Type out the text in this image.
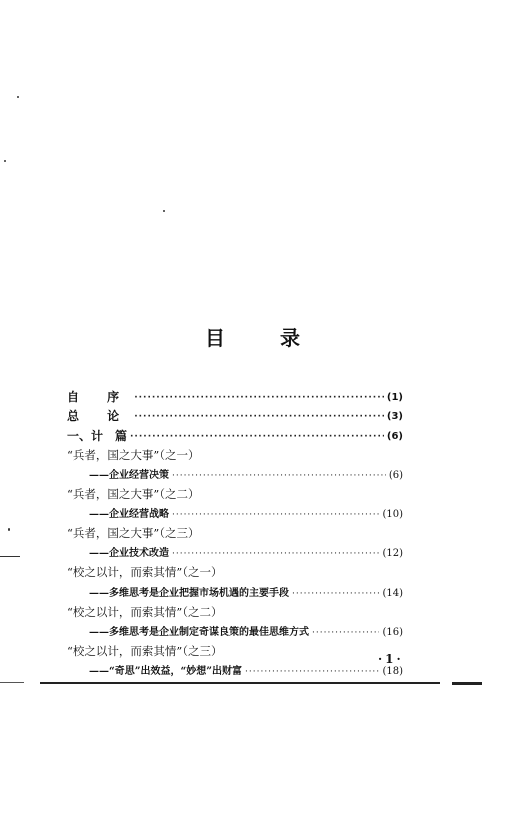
目 录
自 序 ·····	(1)
总 论 ·····	(3)
一、计　篇 ·····	(6)
“兵者，国之大事”（之一）
——企业经营决策 ·····	(6)
“兵者，国之大事”（之二）
——企业经营战略 ·····	(10)
“兵者，国之大事”（之三）
——企业技术改造 ·····	(12)
“校之以计，而索其情”（之一）
——多维思考是企业把握市场机遇的主要手段 ·····	(14)
“校之以计，而索其情”（之二）
——多维思考是企业制定奇谋良策的最佳思维方式 ·····	(16)
“校之以计，而索其情”（之三）
——“奇思”出效益，“妙想”出财富 ·····	(18)
·1·
